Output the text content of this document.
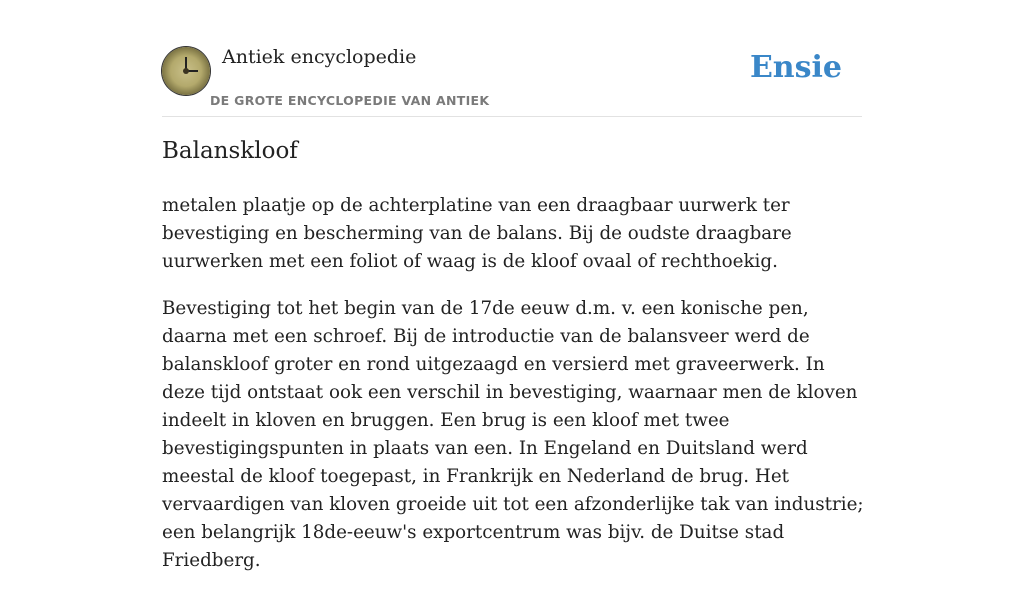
Antiek encyclopedie
DE GROTE ENCYCLOPEDIE VAN ANTIEK
Ensie
Balanskloof

metalen plaatje op de achterplatine van een draagbaar uurwerk ter bevestiging en bescherming van de balans. Bij de oudste draagbare uurwerken met een foliot of waag is de kloof ovaal of rechthoekig.

Bevestiging tot het begin van de 17de eeuw d.m. v. een konische pen, daarna met een schroef. Bij de introductie van de balansveer werd de balanskloof groter en rond uitgezaagd en versierd met graveerwerk. In deze tijd ontstaat ook een verschil in bevestiging, waarnaar men de kloven indeelt in kloven en bruggen. Een brug is een kloof met twee bevestigingspunten in plaats van een. In Engeland en Duitsland werd meestal de kloof toegepast, in Frankrijk en Nederland de brug. Het vervaardigen van kloven groeide uit tot een afzonderlijke tak van industrie; een belangrijk 18de-eeuw's exportcentrum was bijv. de Duitse stad Friedberg.
